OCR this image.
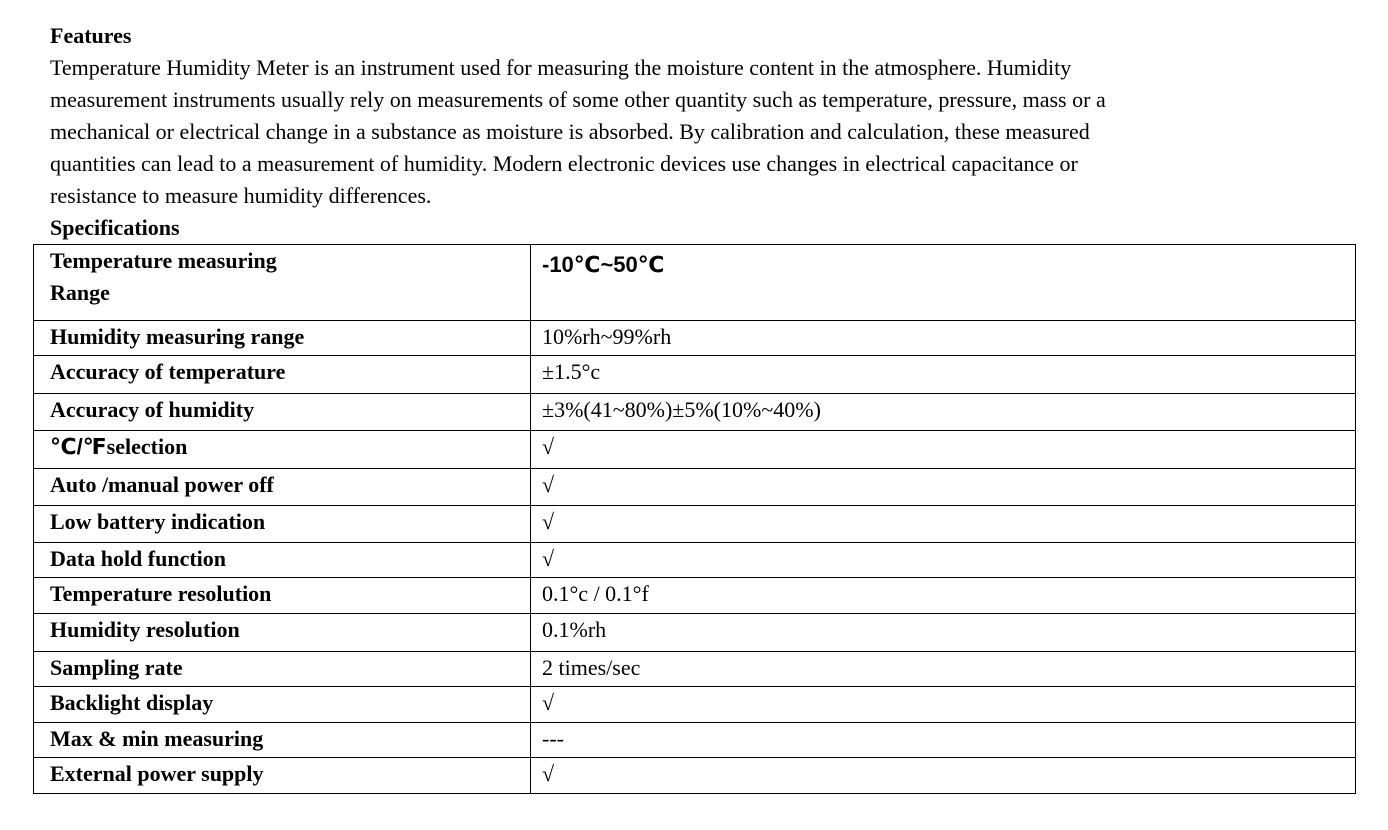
Features
Temperature Humidity Meter is an instrument used for measuring the moisture content in the atmosphere. Humidity
measurement instruments usually rely on measurements of some other quantity such as temperature, pressure, mass or a
mechanical or electrical change in a substance as moisture is absorbed. By calibration and calculation, these measured
quantities can lead to a measurement of humidity. Modern electronic devices use changes in electrical capacitance or
resistance to measure humidity differences.
Specifications
Temperature measuring
Range	-10℃~50℃
Humidity measuring range	10%rh~99%rh
Accuracy of temperature	±1.5°c
Accuracy of humidity	±3%(41~80%)±5%(10%~40%)
℃/℉selection	√
Auto /manual power off	√
Low battery indication	√
Data hold function	√
Temperature resolution	0.1°c / 0.1°f
Humidity resolution	0.1%rh
Sampling rate	2 times/sec
Backlight display	√
Max & min measuring	---
External power supply	√
